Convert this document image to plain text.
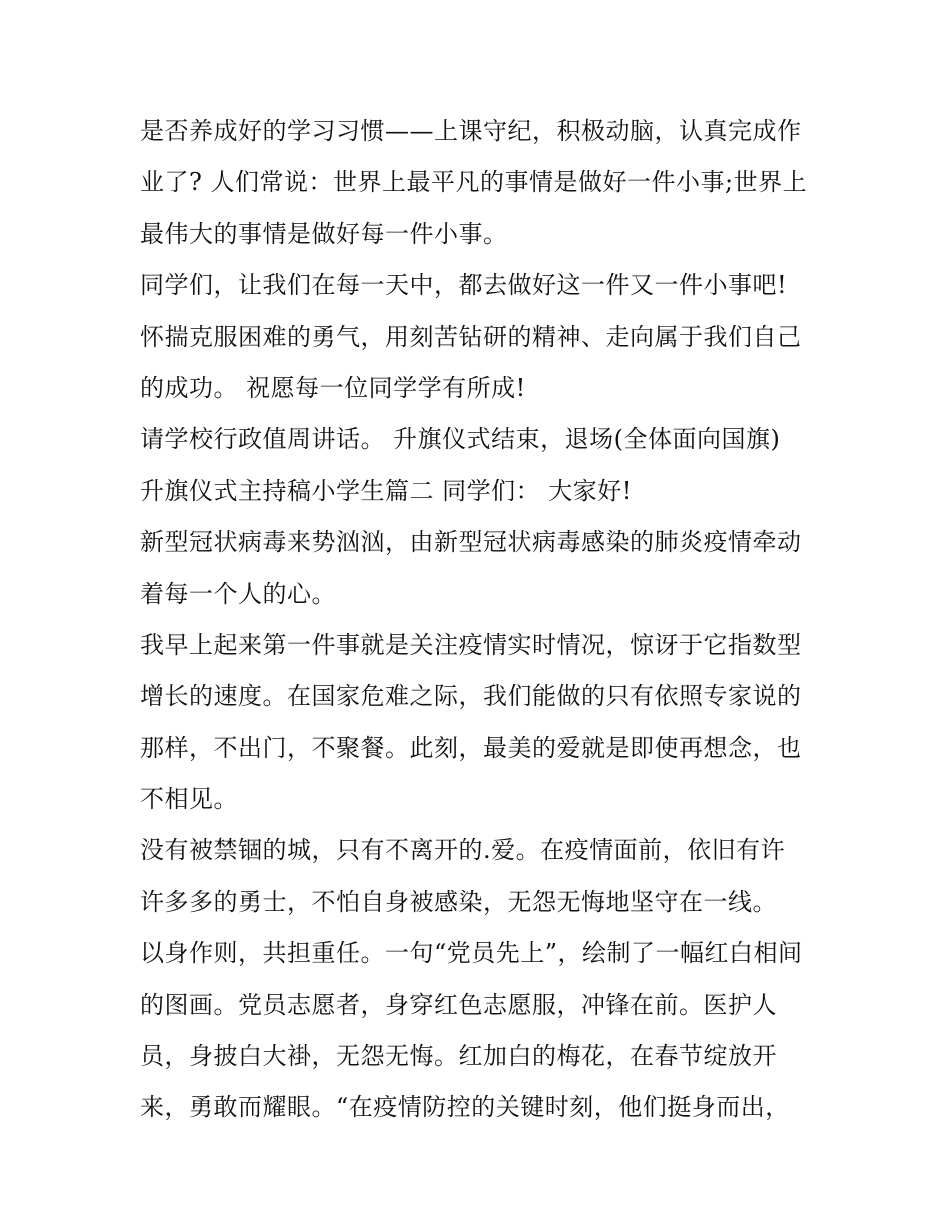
是否养成好的学习习惯——上课守纪，积极动脑，认真完成作
业了? 人们常说：世界上最平凡的事情是做好一件小事;世界上
最伟大的事情是做好每一件小事。
同学们，让我们在每一天中，都去做好这一件又一件小事吧!
怀揣克服困难的勇气，用刻苦钻研的精神、走向属于我们自己
的成功。 祝愿每一位同学学有所成!
请学校行政值周讲话。 升旗仪式结束，退场(全体面向国旗)
升旗仪式主持稿小学生篇二 同学们： 大家好!
新型冠状病毒来势汹汹，由新型冠状病毒感染的肺炎疫情牵动
着每一个人的心。
我早上起来第一件事就是关注疫情实时情况，惊讶于它指数型
增长的速度。在国家危难之际，我们能做的只有依照专家说的
那样，不出门，不聚餐。此刻，最美的爱就是即使再想念，也
不相见。
没有被禁锢的城，只有不离开的.爱。在疫情面前，依旧有许
许多多的勇士，不怕自身被感染，无怨无悔地坚守在一线。
以身作则，共担重任。一句“党员先上”，绘制了一幅红白相间
的图画。党员志愿者，身穿红色志愿服，冲锋在前。医护人
员，身披白大褂，无怨无悔。红加白的梅花，在春节绽放开
来，勇敢而耀眼。“在疫情防控的关键时刻，他们挺身而出，
